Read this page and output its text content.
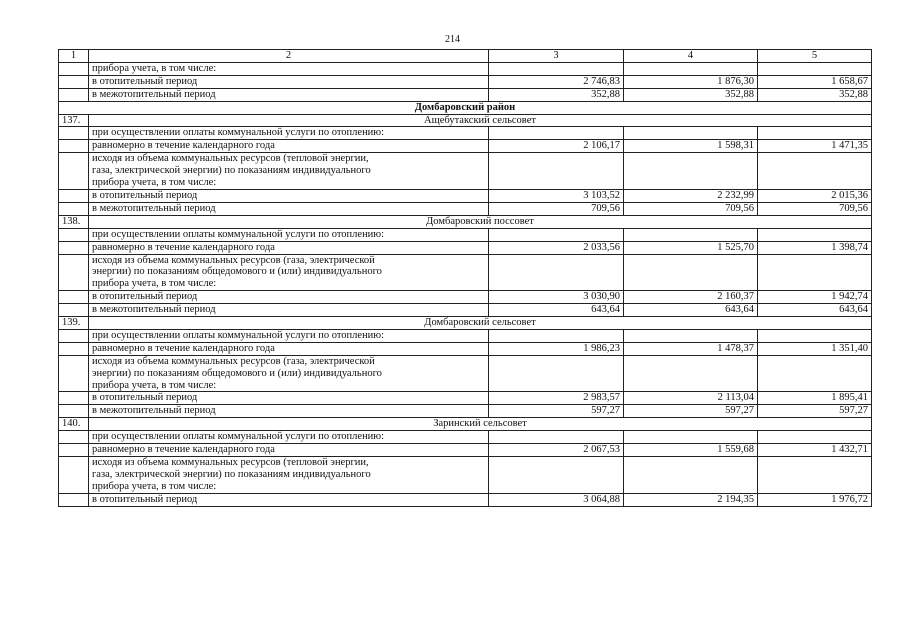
214
1	2	3	4	5
	прибора учета, в том числе:			
	в отопительный период	2 746,83	1 876,30	1 658,67
	в межотопительный период	352,88	352,88	352,88
Домбаровский район				
137.	Ащебутакский сельсовет			
	при осуществлении оплаты коммунальной услуги по отоплению:			
	равномерно в течение календарного года	2 106,17	1 598,31	1 471,35
	исходя из объема коммунальных ресурсов (тепловой энергии,			
	газа, электрической энергии) по показаниям индивидуального			
	прибора учета, в том числе:			
	в отопительный период	3 103,52	2 232,99	2 015,36
	в межотопительный период	709,56	709,56	709,56
138.	Домбаровский поссовет			
	при осуществлении оплаты коммунальной услуги по отоплению:			
	равномерно в течение календарного года	2 033,56	1 525,70	1 398,74
	исходя из объема коммунальных ресурсов (газа, электрической			
	энергии) по показаниям общедомового и (или) индивидуального			
	прибора учета, в том числе:			
	в отопительный период	3 030,90	2 160,37	1 942,74
	в межотопительный период	643,64	643,64	643,64
139.	Домбаровский сельсовет			
	при осуществлении оплаты коммунальной услуги по отоплению:			
	равномерно в течение календарного года	1 986,23	1 478,37	1 351,40
	исходя из объема коммунальных ресурсов (газа, электрической			
	энергии) по показаниям общедомового и (или) индивидуального			
	прибора учета, в том числе:			
	в отопительный период	2 983,57	2 113,04	1 895,41
	в межотопительный период	597,27	597,27	597,27
140.	Заринский сельсовет			
	при осуществлении оплаты коммунальной услуги по отоплению:			
	равномерно в течение календарного года	2 067,53	1 559,68	1 432,71
	исходя из объема коммунальных ресурсов (тепловой энергии,			
	газа, электрической энергии) по показаниям индивидуального			
	прибора учета, в том числе:			
	в отопительный период	3 064,88	2 194,35	1 976,72
